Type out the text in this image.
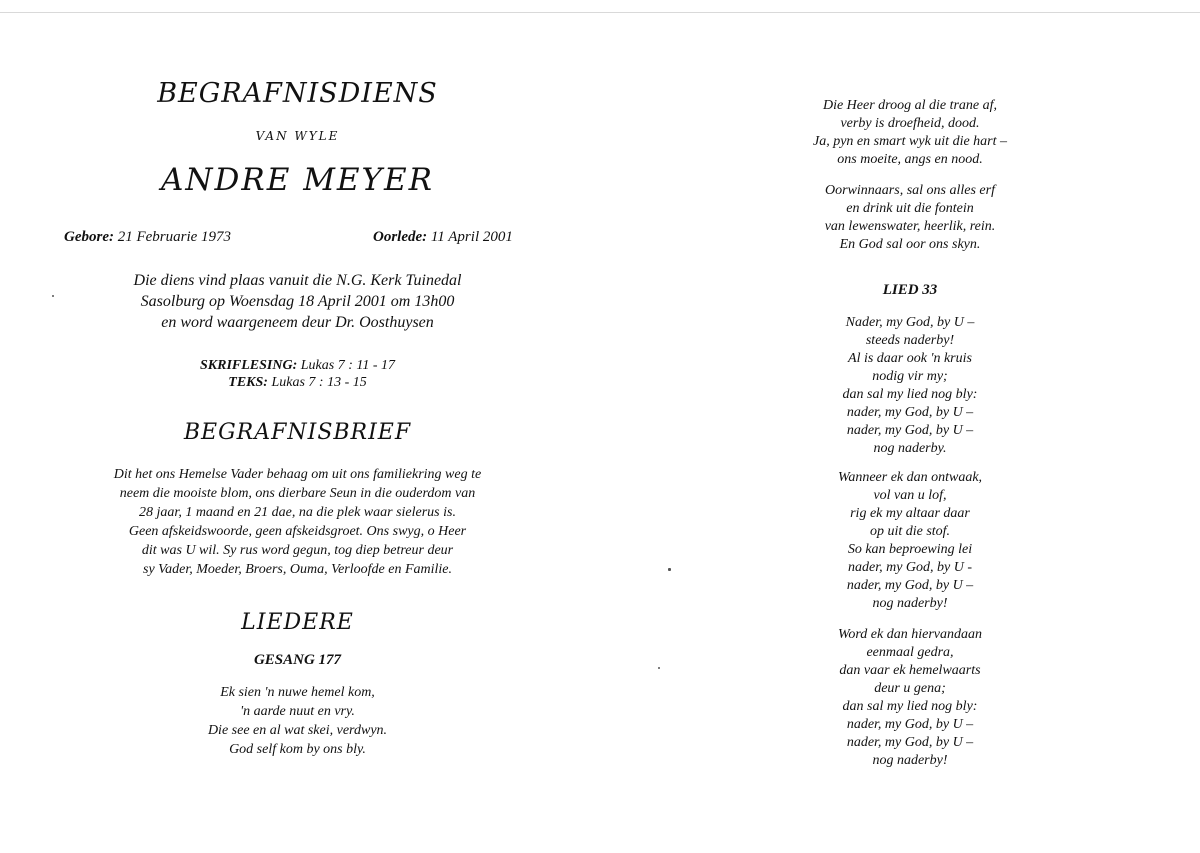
BEGRAFNISDIENS
VAN WYLE
ANDRE MEYER
Gebore: 21 Februarie 1973	Oorlede: 11 April 2001
Die diens vind plaas vanuit die N.G. Kerk Tuinedal
Sasolburg op Woensdag 18 April 2001 om 13h00
en word waargeneem deur Dr. Oosthuysen
SKRIFLESING: Lukas 7 : 11 - 17
TEKS: Lukas 7 : 13 - 15
BEGRAFNISBRIEF
Dit het ons Hemelse Vader behaag om uit ons familiekring weg te
neem die mooiste blom, ons dierbare Seun in die ouderdom van
28 jaar, 1 maand en 21 dae, na die plek waar sielerus is.
Geen afskeidswoorde, geen afskeidsgroet. Ons swyg, o Heer
dit was U wil. Sy rus word gegun, tog diep betreur deur
sy Vader, Moeder, Broers, Ouma, Verloofde en Familie.
LIEDERE
GESANG 177
Ek sien 'n nuwe hemel kom,
'n aarde nuut en vry.
Die see en al wat skei, verdwyn.
God self kom by ons bly.
Die Heer droog al die trane af,
verby is droefheid, dood.
Ja, pyn en smart wyk uit die hart –
ons moeite, angs en nood.
Oorwinnaars, sal ons alles erf
en drink uit die fontein
van lewenswater, heerlik, rein.
En God sal oor ons skyn.
LIED 33
Nader, my God, by U –
steeds naderby!
Al is daar ook 'n kruis
nodig vir my;
dan sal my lied nog bly:
nader, my God, by U –
nader, my God, by U –
nog naderby.
Wanneer ek dan ontwaak,
vol van u lof,
rig ek my altaar daar
op uit die stof.
So kan beproewing lei
nader, my God, by U -
nader, my God, by U –
nog naderby!
Word ek dan hiervandaan
eenmaal gedra,
dan vaar ek hemelwaarts
deur u gena;
dan sal my lied nog bly:
nader, my God, by U –
nader, my God, by U –
nog naderby!
